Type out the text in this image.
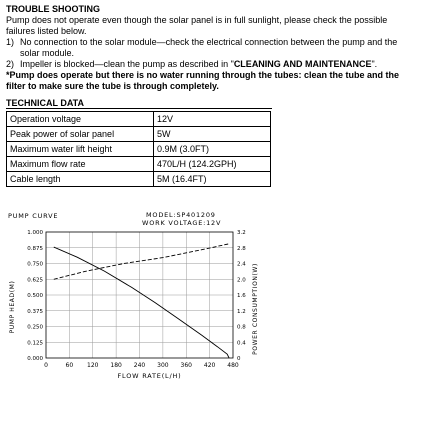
TROUBLE SHOOTING

Pump does not operate even though the solar panel is in full sunlight, please check the possible

failures listed below.

1) No connection to the solar module—check the electrical connection between the pump and the

solar module.

2) Impeller is blocked—clean the pump as described in "CLEANING AND MAINTENANCE".

*Pump does operate but there is no water running through the tubes: clean the tube and the

filter to make sure the tube is through completely.

TECHNICAL DATA
Operation voltage	12V
Peak power of solar panel	5W
Maximum water lift height	0.9M (3.0FT)
Maximum flow rate	470L/H (124.2GPH)
Cable length	5M (16.4FT)
0	60 120 180 240 300 360 420 480
0.000
0.125
0.250
0.375
0.500
0.625
0.750
0.875
1.000
0
0.4
0.8
1.2
1.6
2.0
2.4
2.8
3.2
PUMP CURVE	MODEL:SP401209
WORK VOLTAGE:12V
FLOW RATE(L/H)
PUMP HEAD(M)	POWER CONSUMPTION(W)
